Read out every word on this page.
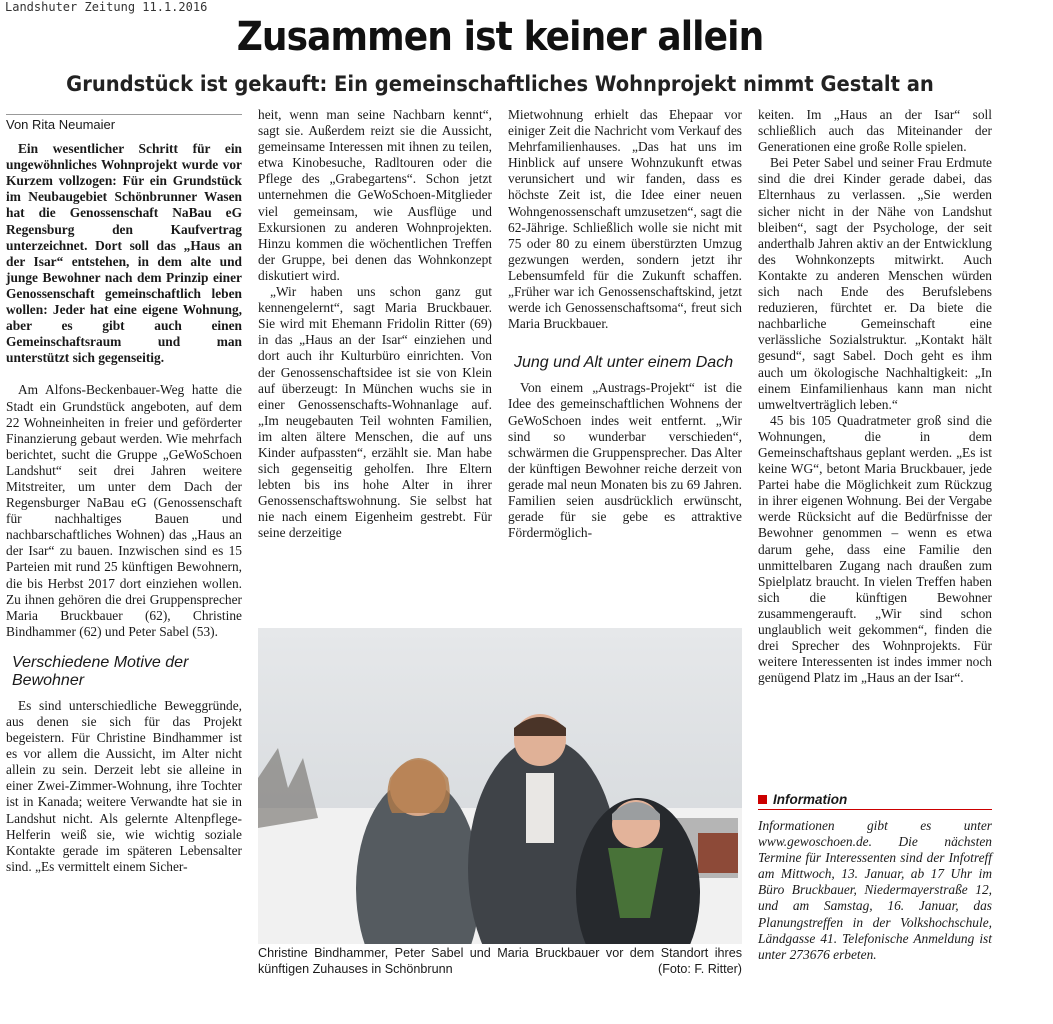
Landshuter Zeitung 11.1.2016
Zusammen ist keiner allein
Grundstück ist gekauft: Ein gemeinschaftliches Wohnprojekt nimmt Gestalt an
Von Rita Neumaier

Ein wesentlicher Schritt für ein ungewöhnliches Wohnprojekt wurde vor Kurzem vollzogen: Für ein Grundstück im Neubaugebiet Schönbrunner Wasen hat die Genossenschaft NaBau eG Regensburg den Kaufvertrag unterzeichnet. Dort soll das „Haus an der Isar“ entstehen, in dem alte und junge Bewohner nach dem Prinzip einer Genossenschaft gemeinschaftlich leben wollen: Jeder hat eine eigene Wohnung, aber es gibt auch einen Gemeinschaftsraum und man unterstützt sich gegenseitig.

Am Alfons-Beckenbauer-Weg hatte die Stadt ein Grundstück angeboten, auf dem 22 Wohneinheiten in freier und geförderter Finanzierung gebaut werden. Wie mehrfach berichtet, sucht die Gruppe „GeWoSchoen Landshut“ seit drei Jahren weitere Mitstreiter, um unter dem Dach der Regensburger NaBau eG (Genossenschaft für nachhaltiges Bauen und nachbarschaftliches Wohnen) das „Haus an der Isar“ zu bauen. Inzwischen sind es 15 Parteien mit rund 25 künftigen Bewohnern, die bis Herbst 2017 dort einziehen wollen. Zu ihnen gehören die drei Gruppensprecher Maria Bruckbauer (62), Christine Bindhammer (62) und Peter Sabel (53).

Verschiedene Motive der Bewohner

Es sind unterschiedliche Beweggründe, aus denen sie sich für das Projekt begeistern. Für Christine Bindhammer ist es vor allem die Aussicht, im Alter nicht allein zu sein. Derzeit lebt sie alleine in einer Zwei-Zimmer-Wohnung, ihre Tochter ist in Kanada; weitere Verwandte hat sie in Landshut nicht. Als gelernte Altenpflege-Helferin weiß sie, wie wichtig soziale Kontakte gerade im späteren Lebensalter sind. „Es vermittelt einem Sicher-

heit, wenn man seine Nachbarn kennt“, sagt sie. Außerdem reizt sie die Aussicht, gemeinsame Interessen mit ihnen zu teilen, etwa Kinobesuche, Radltouren oder die Pflege des „Grabegartens“. Schon jetzt unternehmen die GeWoSchoen-Mitglieder viel gemeinsam, wie Ausflüge und Exkursionen zu anderen Wohnprojekten. Hinzu kommen die wöchentlichen Treffen der Gruppe, bei denen das Wohnkonzept diskutiert wird.

„Wir haben uns schon ganz gut kennengelernt“, sagt Maria Bruckbauer. Sie wird mit Ehemann Fridolin Ritter (69) in das „Haus an der Isar“ einziehen und dort auch ihr Kulturbüro einrichten. Von der Genossenschaftsidee ist sie von Klein auf überzeugt: In München wuchs sie in einer Genossenschafts-Wohnanlage auf. „Im neugebauten Teil wohnten Familien, im alten ältere Menschen, die auf uns Kinder aufpassten“, erzählt sie. Man habe sich gegenseitig geholfen. Ihre Eltern lebten bis ins hohe Alter in ihrer Genossenschaftswohnung. Sie selbst hat nie nach einem Eigenheim gestrebt. Für seine derzeitige

Mietwohnung erhielt das Ehepaar vor einiger Zeit die Nachricht vom Verkauf des Mehrfamilienhauses. „Das hat uns im Hinblick auf unsere Wohnzukunft etwas verunsichert und wir fanden, dass es höchste Zeit ist, die Idee einer neuen Wohngenossenschaft umzusetzen“, sagt die 62-Jährige. Schließlich wolle sie nicht mit 75 oder 80 zu einem überstürzten Umzug gezwungen werden, sondern jetzt ihr Lebensumfeld für die Zukunft schaffen. „Früher war ich Genossenschaftskind, jetzt werde ich Genossenschaftsoma“, freut sich Maria Bruckbauer.

Jung und Alt unter einem Dach

Von einem „Austrags-Projekt“ ist die Idee des gemeinschaftlichen Wohnens der GeWoSchoen indes weit entfernt. „Wir sind so wunderbar verschieden“, schwärmen die Gruppensprecher. Das Alter der künftigen Bewohner reiche derzeit von gerade mal neun Monaten bis zu 69 Jahren. Familien seien ausdrücklich erwünscht, gerade für sie gebe es attraktive Fördermöglich-

keiten. Im „Haus an der Isar“ soll schließlich auch das Miteinander der Generationen eine große Rolle spielen.

Bei Peter Sabel und seiner Frau Erdmute sind die drei Kinder gerade dabei, das Elternhaus zu verlassen. „Sie werden sicher nicht in der Nähe von Landshut bleiben“, sagt der Psychologe, der seit anderthalb Jahren aktiv an der Entwicklung des Wohnkonzepts mitwirkt. Auch Kontakte zu anderen Menschen würden sich nach Ende des Berufslebens reduzieren, fürchtet er. Da biete die nachbarliche Gemeinschaft eine verlässliche Sozialstruktur. „Kontakt hält gesund“, sagt Sabel. Doch geht es ihm auch um ökologische Nachhaltigkeit: „In einem Einfamilienhaus kann man nicht umweltverträglich leben.“

45 bis 105 Quadratmeter groß sind die Wohnungen, die in dem Gemeinschaftshaus geplant werden. „Es ist keine WG“, betont Maria Bruckbauer, jede Partei habe die Möglichkeit zum Rückzug in ihrer eigenen Wohnung. Bei der Vergabe werde Rücksicht auf die Bedürfnisse der Bewohner genommen – wenn es etwa darum gehe, dass eine Familie den unmittelbaren Zugang nach draußen zum Spielplatz braucht. In vielen Treffen haben sich die künftigen Bewohner zusammengerauft. „Wir sind schon unglaublich weit gekommen“, finden die drei Sprecher des Wohnprojekts. Für weitere Interessenten ist indes immer noch genügend Platz im „Haus an der Isar“.

Christine Bindhammer, Peter Sabel und Maria Bruckbauer vor dem Standort ihres künftigen Zuhauses in Schönbrunn	(Foto: F. Ritter)
Information
Informationen gibt es unter www.gewoschoen.de. Die nächsten Termine für Interessenten sind der Infotreff am Mittwoch, 13. Januar, ab 17 Uhr im Büro Bruckbauer, Niedermayerstraße 12, und am Samstag, 16. Januar, das Planungstreffen in der Volkshochschule, Ländgasse 41. Telefonische Anmeldung ist unter 273676 erbeten.
